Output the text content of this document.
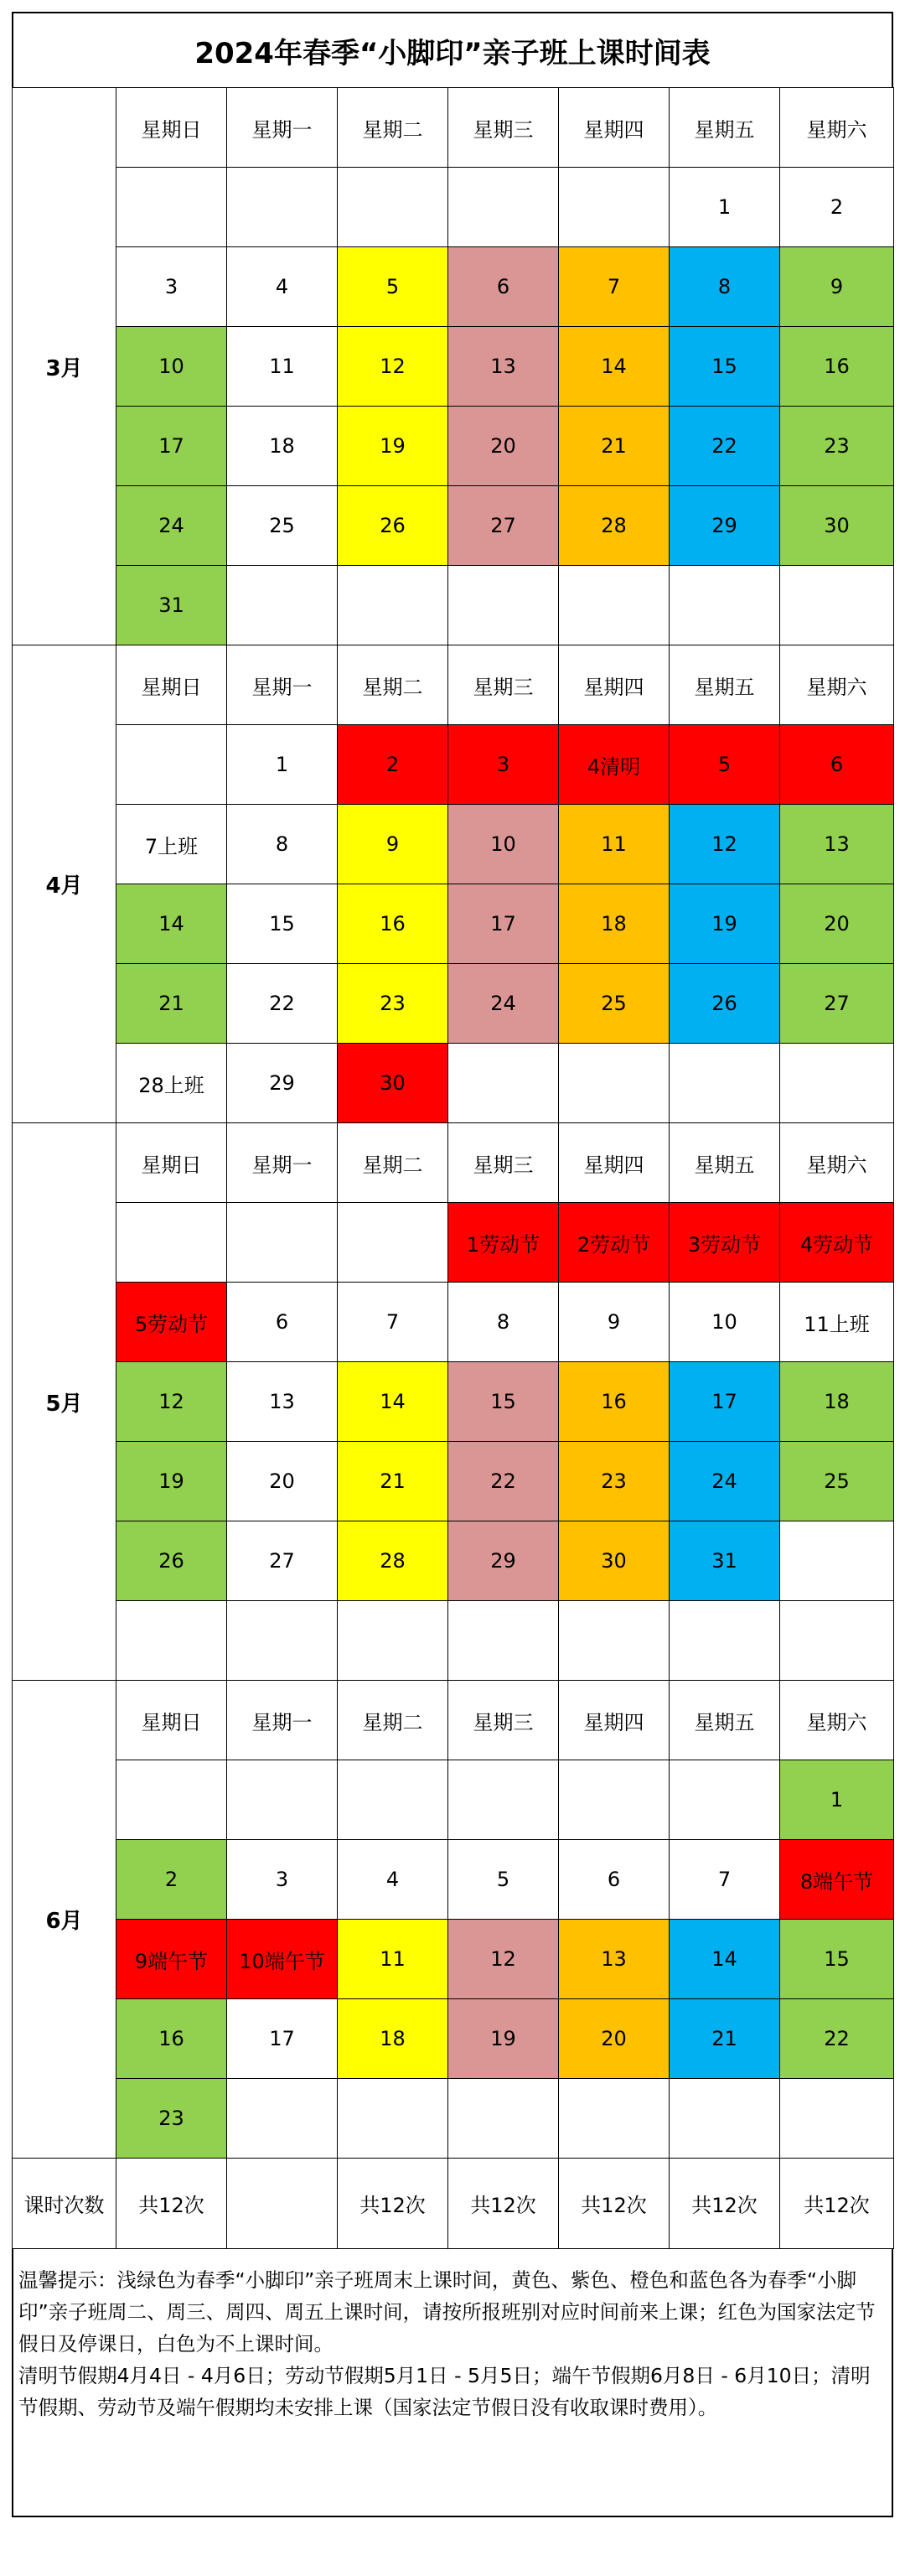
2024年春季“小脚印”亲子班上课时间表
3月	星期日	星期一	星期二	星期三	星期四	星期五	星期六
						1	2
	3	4	5	6	7	8	9
	10	11	12	13	14	15	16
	17	18	19	20	21	22	23
	24	25	26	27	28	29	30
	31						
4月	星期日	星期一	星期二	星期三	星期四	星期五	星期六
		1	2	3	4清明	5	6
	7上班	8	9	10	11	12	13
	14	15	16	17	18	19	20
	21	22	23	24	25	26	27
	28上班	29	30				
5月	星期日	星期一	星期二	星期三	星期四	星期五	星期六
				1劳动节	2劳动节	3劳动节	4劳动节
	5劳动节	6	7	8	9	10	11上班
	12	13	14	15	16	17	18
	19	20	21	22	23	24	25
	26	27	28	29	30	31	

6月	星期日	星期一	星期二	星期三	星期四	星期五	星期六
							1
	2	3	4	5	6	7	8端午节
	9端午节	10端午节	11	12	13	14	15
	16	17	18	19	20	21	22
	23						
课时次数	共12次		共12次	共12次	共12次	共12次	共12次

温馨提示：浅绿色为春季“小脚印”亲子班周末上课时间，黄色、紫色、橙色和蓝色各为春季“小脚印”亲子班周二、周三、周四、周五上课时间，请按所报班别对应时间前来上课；红色为国家法定节假日及停课日，白色为不上课时间。

清明节假期4月4日 - 4月6日；劳动节假期5月1日 - 5月5日；端午节假期6月8日 - 6月10日；清明节假期、劳动节及端午假期均未安排上课（国家法定节假日没有收取课时费用）。
